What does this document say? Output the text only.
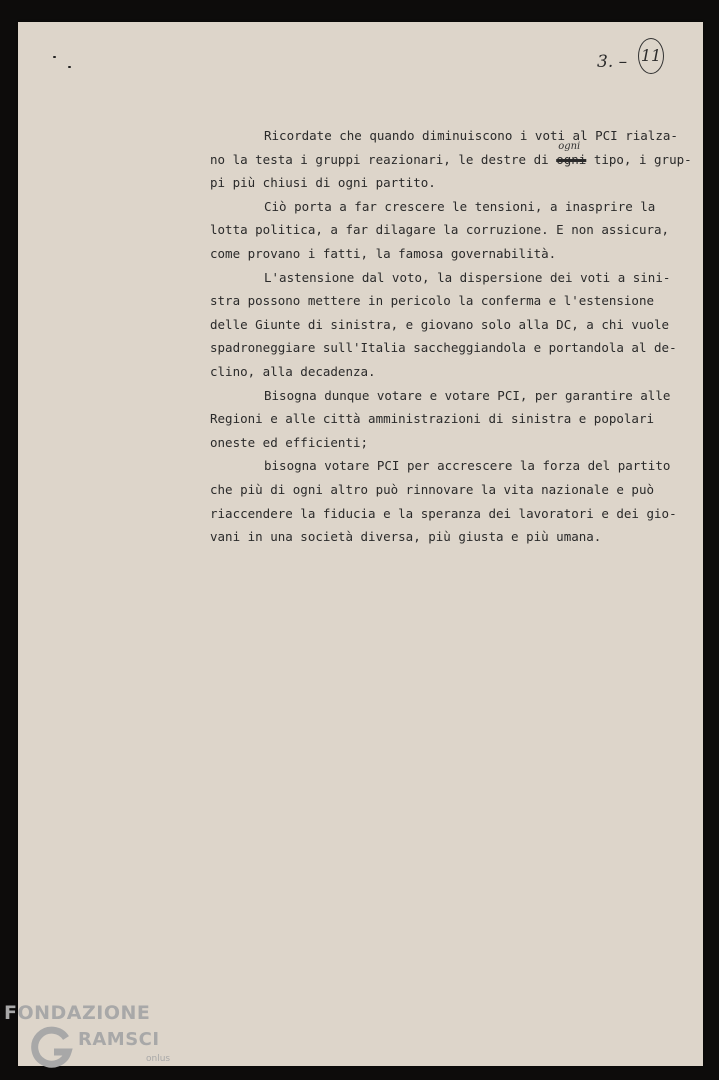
3. – 11
Ricordate che quando diminuiscono i voti al PCI rialza-
no la testa i gruppi reazionari, le destre di ogni
ogni
tipo, i grup-
pi più chiusi di ogni partito.
Ciò porta a far crescere le tensioni, a inasprire la
lotta politica, a far dilagare la corruzione. E non assicura,
come provano i fatti, la famosa governabilità.
L'astensione dal voto, la dispersione dei voti a sini-
stra possono mettere in pericolo la conferma e l'estensione
delle Giunte di sinistra, e giovano solo alla DC, a chi vuole
spadroneggiare sull'Italia saccheggiandola e portandola al de-
clino, alla decadenza.
Bisogna dunque votare e votare PCI, per garantire alle
Regioni e alle città amministrazioni di sinistra e popolari
oneste ed efficienti;
bisogna votare PCI per accrescere la forza del partito
che più di ogni altro può rinnovare la vita nazionale e può
riaccendere la fiducia e la speranza dei lavoratori e dei gio-
vani in una società diversa, più giusta e più umana.
FONDAZIONE
RAMSCI
onlus
